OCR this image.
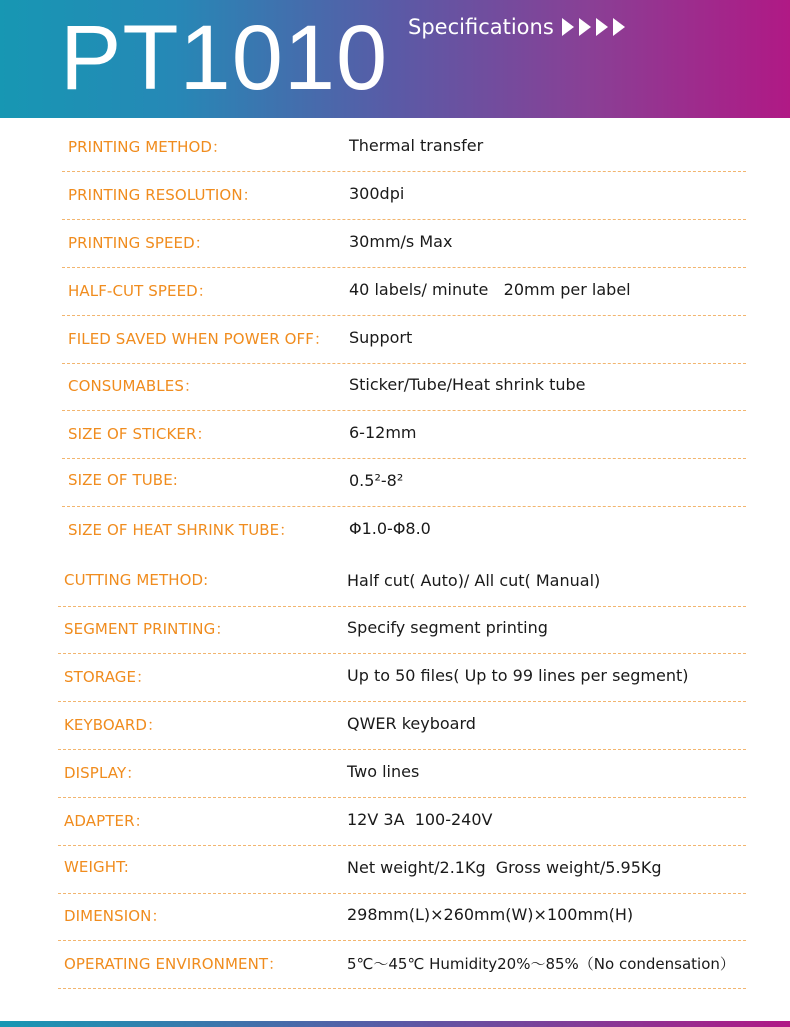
PT1010 Specifications
PRINTING METHOD：	Thermal transfer
PRINTING RESOLUTION：	300dpi
PRINTING SPEED：	30mm/s Max
HALF-CUT SPEED：	40 labels/ minute   20mm per label
FILED SAVED WHEN POWER OFF： Support
CONSUMABLES：	Sticker/Tube/Heat shrink tube
SIZE OF STICKER：	6-12mm
SIZE OF TUBE:	0.5²-8²
SIZE OF HEAT SHRINK TUBE：	Φ1.0-Φ8.0
CUTTING METHOD:	Half cut( Auto)/ All cut( Manual)
SEGMENT PRINTING：	Specify segment printing
STORAGE：	Up to 50 files( Up to 99 lines per segment)
KEYBOARD：	QWER keyboard
DISPLAY：	Two lines
ADAPTER：	12V 3A  100-240V
WEIGHT:	Net weight/2.1Kg  Gross weight/5.95Kg
DIMENSION：	298mm(L)×260mm(W)×100mm(H)
OPERATING ENVIRONMENT：	5℃～45℃ Humidity20%～85%（No condensation）
